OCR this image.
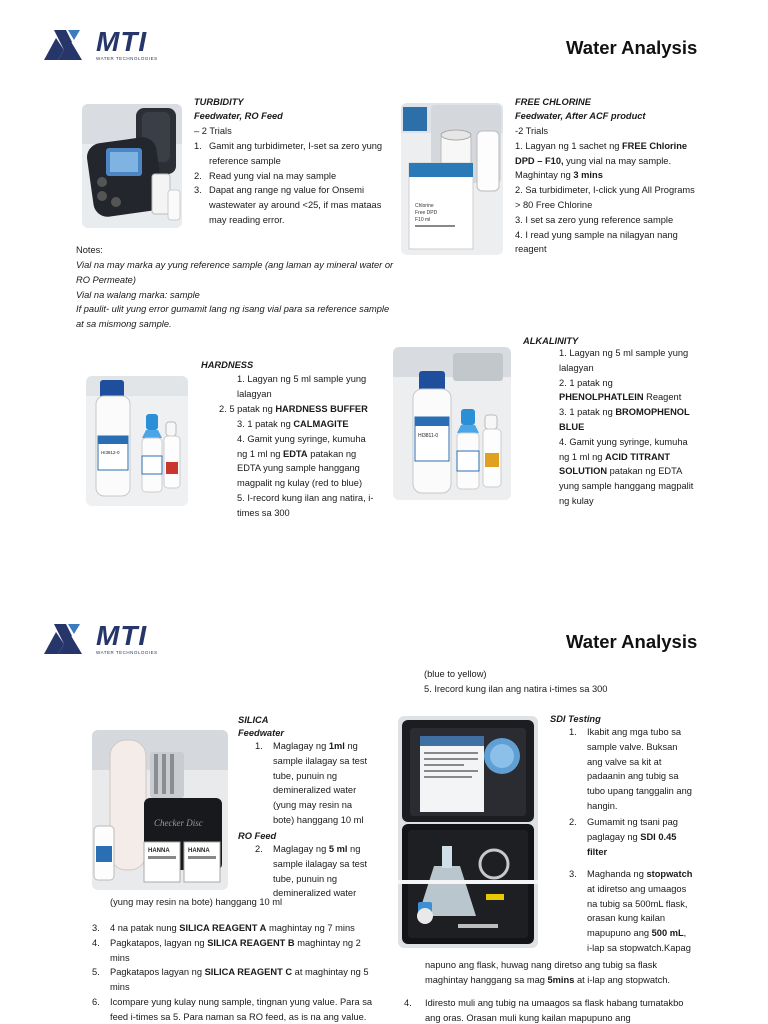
MTI
WATER TECHNOLOGIES
Water Analysis
TURBIDITY
Feedwater, RO Feed
– 2 Trials
1. Gamit ang turbidimeter, I-set sa zero yung reference sample
2. Read yung vial na may sample
3. Dapat ang range ng value for Onsemi wastewater ay around <25, if mas mataas may reading error.
Notes:
Vial na may marka ay yung reference sample (ang laman ay mineral water or RO Permeate)
Vial na walang marka: sample
If paulit- ulit yung error gumamit lang ng isang vial para sa reference sample at sa mismong sample.
Chlorine
Free DPD
F10 ml
FREE CHLORINE
Feedwater, After ACF product
-2 Trials
1. Lagyan ng 1 sachet ng FREE Chlorine DPD – F10, yung vial na may sample. Maghintay ng 3 mins
2. Sa turbidimeter, I-click yung All Programs > 80 Free Chlorine
3. I set sa zero yung reference sample
4. I read yung sample na nilagyan nang reagent
ALKALINITY
HI3812-0
HARDNESS
1. Lagyan ng 5 ml sample yung lalagyan
2. 5 patak ng HARDNESS BUFFER
3. 1 patak ng CALMAGITE
4. Gamit yung syringe, kumuha ng 1 ml ng EDTA patakan ng EDTA yung sample hanggang magpalit ng kulay (red to blue)
5. I-record kung ilan ang natira, i-times sa 300
HI3811-0
1. Lagyan ng 5 ml sample yung lalagyan
2. 1 patak ng PHENOLPHATLEIN Reagent
3. 1 patak ng BROMOPHENOL BLUE
4. Gamit yung syringe, kumuha ng 1 ml ng ACID TITRANT SOLUTION patakan ng EDTA yung sample hanggang magpalit ng kulay
MTI
WATER TECHNOLOGIES
Water Analysis
(blue to yellow)
5. Irecord kung ilan ang natira i-times sa 300
Checker Disc
HANNA	HANNA
SILICA
Feedwater
1.	Maglagay ng 1ml ng sample ilalagay sa test tube, punuin ng demineralized water (yung may resin na bote) hanggang 10 ml
RO Feed
2.	Maglagay ng 5 ml ng sample ilalagay sa test tube, punuin ng demineralized water
(yung may resin na bote) hanggang 10 ml
3.	4 na patak nung SILICA REAGENT A maghintay ng 7 mins
4.	Pagkatapos, lagyan ng SILICA REAGENT B maghintay ng 2 mins
5.	Pagkatapos lagyan ng SILICA REAGENT C at maghintay ng 5 mins
6.	Icompare yung kulay nung sample, tingnan yung value. Para sa feed i-times sa 5. Para naman sa RO feed, as is na ang value.
SDI Testing
1.	Ikabit ang mga tubo sa sample valve. Buksan ang valve sa kit at padaanin ang tubig sa tubo upang tanggalin ang hangin.
2.	Gumamit ng tsani pag paglagay ng SDI 0.45 filter
3.	Maghanda ng stopwatch at idiretso ang umaagos na tubig sa 500mL flask, orasan kung kailan mapupuno ang 500 mL, i-lap sa stopwatch.Kapag
napuno ang flask, huwag nang diretso ang tubig sa flask maghintay hanggang sa mag 5mins at i-lap ang stopwatch.
4.	Idiresto muli ang tubig na umaagos sa flask habang tumatakbo ang oras. Orasan muli kung kailan mapupuno ang
